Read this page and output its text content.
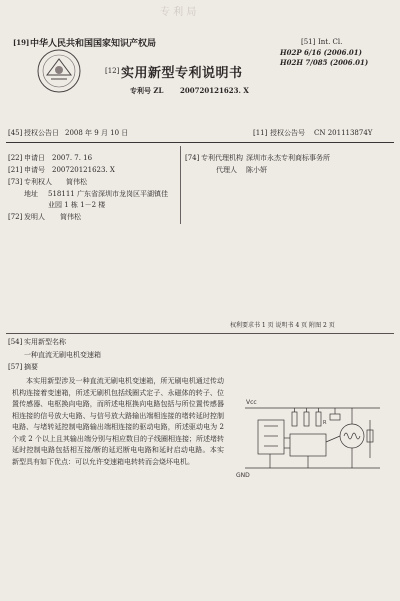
专 利 局
[19] 中华人民共和国国家知识产权局	[51] Int. Cl.
H02P 6/16 (2006.01)
H02H 7/085 (2006.01)
[12] 实用新型专利说明书
专利号 ZL 200720121623. X
[45] 授权公告日 2008 年 9 月 10 日	[11] 授权公告号 CN 201113874Y
[22] 申请日 2007. 7. 16
[21] 申请号 200720121623. X
[73] 专利权人 简伟松
地址 518111 广东省深圳市龙岗区平湖镇佳
业园 1 栋 1－2 楼
[72] 发明人 简伟松
[74] 专利代理机构 深圳市永杰专利商标事务所
代理人 陈小妍
权利要求书 1 页 说明书 4 页 附图 2 页
[54] 实用新型名称
一种直流无刷电机变速箱
[57] 摘要
本实用新型涉及一种直流无刷电机变速箱，所无刷电机通过传动机构连接着变速箱，所述无刷机包括线圈式定子、永磁体的转子、位置传感器、电枢换向电路，而所述电枢换向电路包括与所位置传感器相连接的信号放大电路、与信号放大路输出端相连接的堵转延时控制电路、与堵转延控制电路输出端相连接的驱动电路，所述驱动电为 2 个或 2 个以上且其输出端分别与相应数目的子线圈相连接；所述堵转延时控制电路包括相互接/断的延迟断电电路和延时启动电路。本实新型具有如下优点：可以允许变速箱电转转而会烧坏电机。
Vcc
GND
R
